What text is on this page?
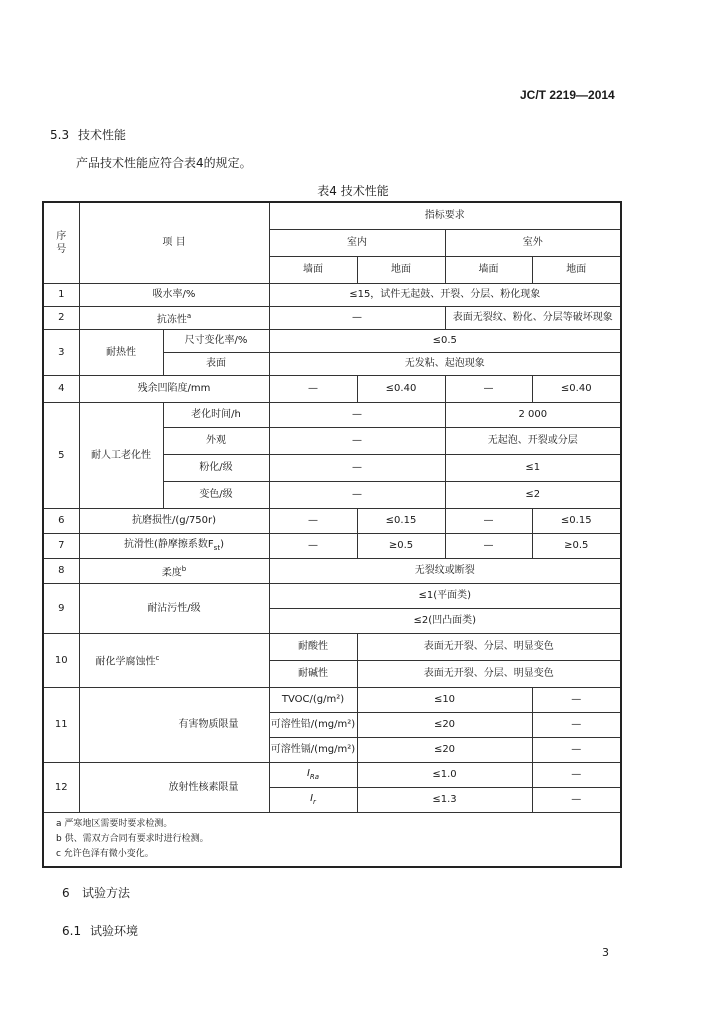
JC/T 2219—2014
5.3 技术性能
产品技术性能应符合表4的规定。
表4 技术性能
序号	项 目		指标要求			
			室内		室外	
			墙面	地面	墙面	地面
1	吸水率/%		≤15，试件无起鼓、开裂、分层、粉化现象			
2	抗冻性$^a$		—		表面无裂纹、粉化、分层等破坏现象	
3	耐热性	尺寸变化率/%	≤0.5			
		表面	无发粘、起泡现象			
4	残余凹陷度/mm		—	≤0.40	—	≤0.40
5	耐人工老化性	老化时间/h	—		2 000	
		外观	—		无起泡、开裂或分层	
		粉化/级	—		≤1	
		变色/级	—		≤2	
6	抗磨损性/(g/750r)		—	≤0.15	—	≤0.15
7	抗滑性(静摩擦系数$F_{st}$)		—	≥0.5	—	≥0.5
8	柔度$^b$		无裂纹或断裂			
9	耐沾污性/级		≤1(平面类)			
			≤2(凹凸面类)			
10	耐化学腐蚀性$^c$		耐酸性	表面无开裂、分层、明显变色		
			耐碱性	表面无开裂、分层、明显变色		
11	有害物质限量		TVOC/(g/m²)	≤10		—
			可溶性铅/(mg/m²)	≤20		—
			可溶性镉/(mg/m²)	≤20		—
12	放射性核素限量		$I_{Ra}$	≤1.0		—
			$I_r$	≤1.3		—

a 严寒地区需要时要求检测。
b 供、需双方合同有要求时进行检测。
c 允许色泽有微小变化。						
6 试验方法
6.1 试验环境
3
